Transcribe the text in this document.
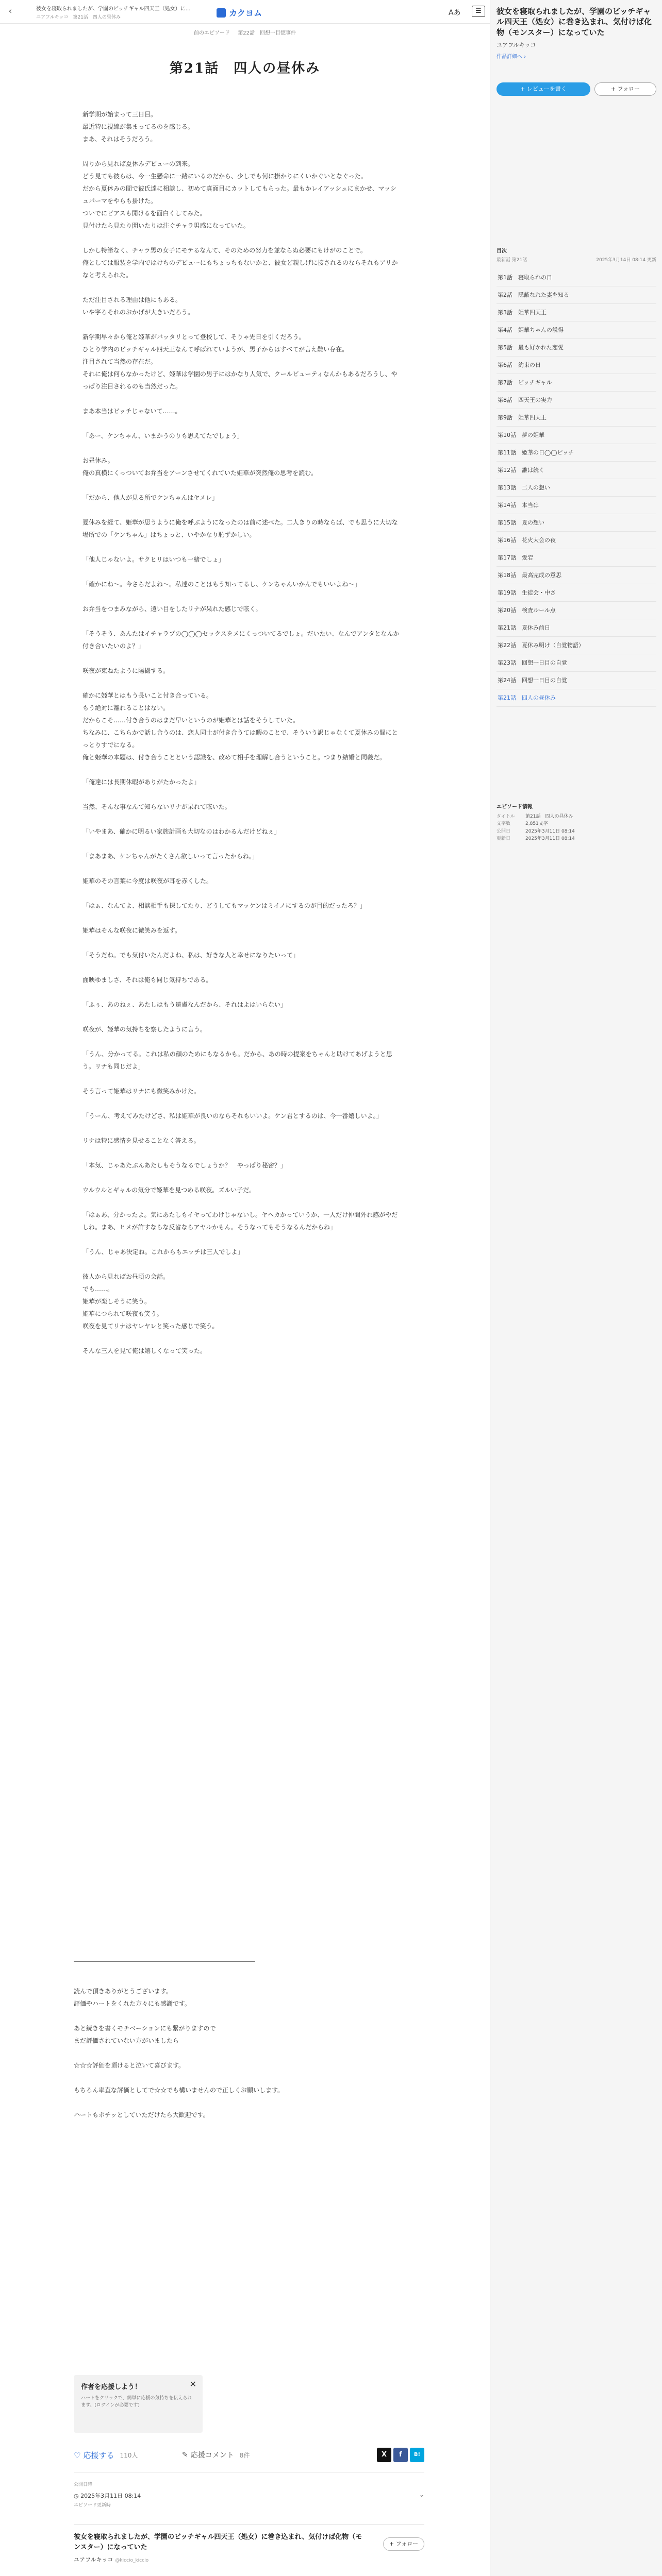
‹	彼女を寝取られましたが、学園のビッチギャル四天王（処女）に…
ユアフルキッコ　第21話　四人の昼休み	カクヨム	Aあ	☰
前のエピソード 第22話　回想一目惚事件
第21話　四人の昼休み

新学期が始まって三日目。

最近特に視線が集まってるのを感じる。

まあ、それはそうだろう。

周りから見れば夏休みデビューの到来。

どう見ても彼らは、今一生懸命に一緒にいるのだから、少しでも何に掛かりにくいかぐいとなぐった。

だから夏休みの間で彼氏達に相談し、初めて真面目にカットしてもらった。最もかレイアッシュにまかせ、マッシュパーマをやらも掛けた。

ついでにピアスも開けるを面白くしてみた。

見付けたら見たり聞いたりは注ぐチャラ男感になっていた。

しかし特筆なく、チャラ男の女子にモテるなんて、そのための努力を並ならぬ必要にもけがのことで。

俺としては服装を学内ではけちのデビューにもちょっちもないかと、彼女ど親しげに接されるのならそれもアリかなと考えられた。

ただ注目される理由は他にもある。

いや寧ろそれのおかげが大きいだろう。

新学期早々から俺と姫華がバッタリとって登校して、そりゃ先日を引くだろう。

ひとり学内のビッチギャル四天王なんて呼ばれていようが、男子からはすべてが言え難い存在。

注目されて当然の存在だ。

それに俺は何らなかったけど、姫華は学園の男子にはかなり人気で、クールビューティなんかもあるだろうし、やっぱり注目されるのも当然だった。

まあ本当はビッチじゃないて……。

「あー、ケンちゃん、いまかうのりも思えてたでしょう」

お昼休み。

俺の真横にくっついてお弁当をアーンさせてくれていた姫華が突然俺の思考を読む。

「だから、他人が見る所でケンちゃんはヤメレ」

夏休みを経て、姫華が思うように俺を呼ぶようになったのは前に述べた。二人きりの時ならば、でも思うに大切な場所での「ケンちゃん」はちょっと、いやかなり恥ずかしい。

「他人じゃないよ。サクヒリはいつも一緒でしょ」

「確かにね～。今さらだよね～。私達のことはもう知ってるし、ケンちゃんいかんでもいいよね～」

お弁当をつまみながら、遠い目をしたリナが呆れた感じで呟く。

「そうそう、あんたはイチャラブの◯◯◯セックスをメにくっついてるでしょ。だいたい、なんでアンタとなんか付き合いたいのよ？」

咲夜が束ねたように陽撮する。

確かに姫華とはもう長いこと付き合っている。

もう絶対に離れることはない。

だからこそ……付き合うのはまだ早いというのが姫華とは話をそうしていた。

ちなみに、こちらかで話し合うのは、恋人同士が付き合うては暇のことで、そういう訳じゃなくて夏休みの間にとっとりすでになる。

俺と姫華の本題は、付き合うことという認識を、改めて相手を理解し合うということ。つまり結婚と同義だ。

「俺達には長期休暇がありがたかったよ」

当然、そんな事なんて知らないリナが呆れて呟いた。

「いやまあ、確かに明るい家族計画も大切なのはわかるんだけどねぇ」

「まあまあ、ケンちゃんがたくさん欲しいって言ったからね。」

姫華のその言葉に今度は咲夜が耳を赤くした。

「はぁ、なんてよ、相談相手も探してたり、どうしてもマッケンはミイノにするのが目的だったろ？」

姫華はそんな咲夜に微笑みを返す。

「そうだね。でも気付いたんだよね、私は、好きな人と幸せになりたいって」

面映ゆましさ、それは俺も同じ気持ちである。

「ふぅ、あのねぇ、あたしはもう遠慮なんだから、それはよはいらない」

咲夜が、姫華の気持ちを察したように言う。

「うん、分かってる。これは私の顔のためにもなるかも。だから、あの時の提案をちゃんと助けてあげようと思う。リナも同じだよ」

そう言って姫華はリナにも微笑みかけた。

「うーん、考えてみたけどさ、私は姫華が良いのならそれもいいよ。ケン君とするのは、今一番嬉しいよ。」

リナは特に感情を見せることなく答える。

「本気、じゃあたぶんあたしもそうなるでしょうか？　やっぱり秘密？」

ウルウルとギャルの気分で姫華を見つめる咲夜。ズルい子だ。

「はぁあ、分かったよ。気にあたしもイヤってわけじゃないし。ヤヘカかっていうか、一人だけ仲間外れ感がやだしね。まあ、ヒメが許すならな反省ならアヤルかもん。そうなってもそうなるんだからね」

「うん、じゃあ決定ね。これからもエッチは三人でしよ」

彼人から見ればお昼頃の会話。

でも……。

姫華が楽しそうに笑う。

姫華につられて咲夜も笑う。

咲夜を見てリナはヤレヤレと笑った感じで笑う。

そんな三人を見て俺は嬉しくなって笑った。

読んで頂きありがとうございます。

評価やハートをくれた方々にも感謝です。

あと続きを書くモチベーションにも繋がりますので

まだ評価されていない方がいましたら

☆☆☆評価を頂けると泣いて喜びます。

もちろん率直な評価としてで☆☆でも構いませんので正しくお願いします。

ハートもポチッとしていただけたら大歓迎です。

作者を応援しよう！
ハートをクリックで、簡単に応援の気持ちを伝えられます。(ログインが必要です)
✕
♡ 応援する 110人	✎ 応援コメント 8件	X	f	B!
公開日時
◷ 2025年3月11日 08:14
エピソード更新時
⌄
彼女を寝取られましたが、学園のビッチギャル四天王（処女）に巻き込まれ、気付けば化物（モンスター）になっていた
ユアフルキッコ @kiccio_kiccio
+ フォロー
彼女を寝取られましたが、学園のビッチギャル四天王（処女）に巻き込まれ、気付けば化物（モンスター）になっていた
ユアフルキッコ
作品詳細へ ›
+ レビューを書く	+ フォロー
目次
最新話 第21話	2025年3月14日 08:14 更新
第1話　寝取られの日
第2話　隠蔽なれた妻を知る
第3話　姫華四天王
第4話　姫華ちゃんの説得
第5話　最も好かれた恋愛
第6話　約束の日
第7話　ビッチギャル
第8話　四天王の実力
第9話　姫華四天王
第10話　夢の姫華
第11話　姫華の日◯◯ピッチ
第12話　誰は続く
第13話　二人の想い
第14話　本当は
第15話　夏の想い
第16話　花火大会の夜
第17話　愛宕
第18話　最高完成の意思
第19話　生徒会・中さ
第20話　検査ルール点
第21話　夏休み前日
第22話　夏休み明け（自覚物語）
第23話　回想一日目の自覚
第24話　回想一日目の自覚
第21話　四人の昼休み
エピソード情報
タイトル	第21話　四人の昼休み
文字数	2,851文字
公開日	2025年3月11日 08:14
更新日	2025年3月11日 08:14
